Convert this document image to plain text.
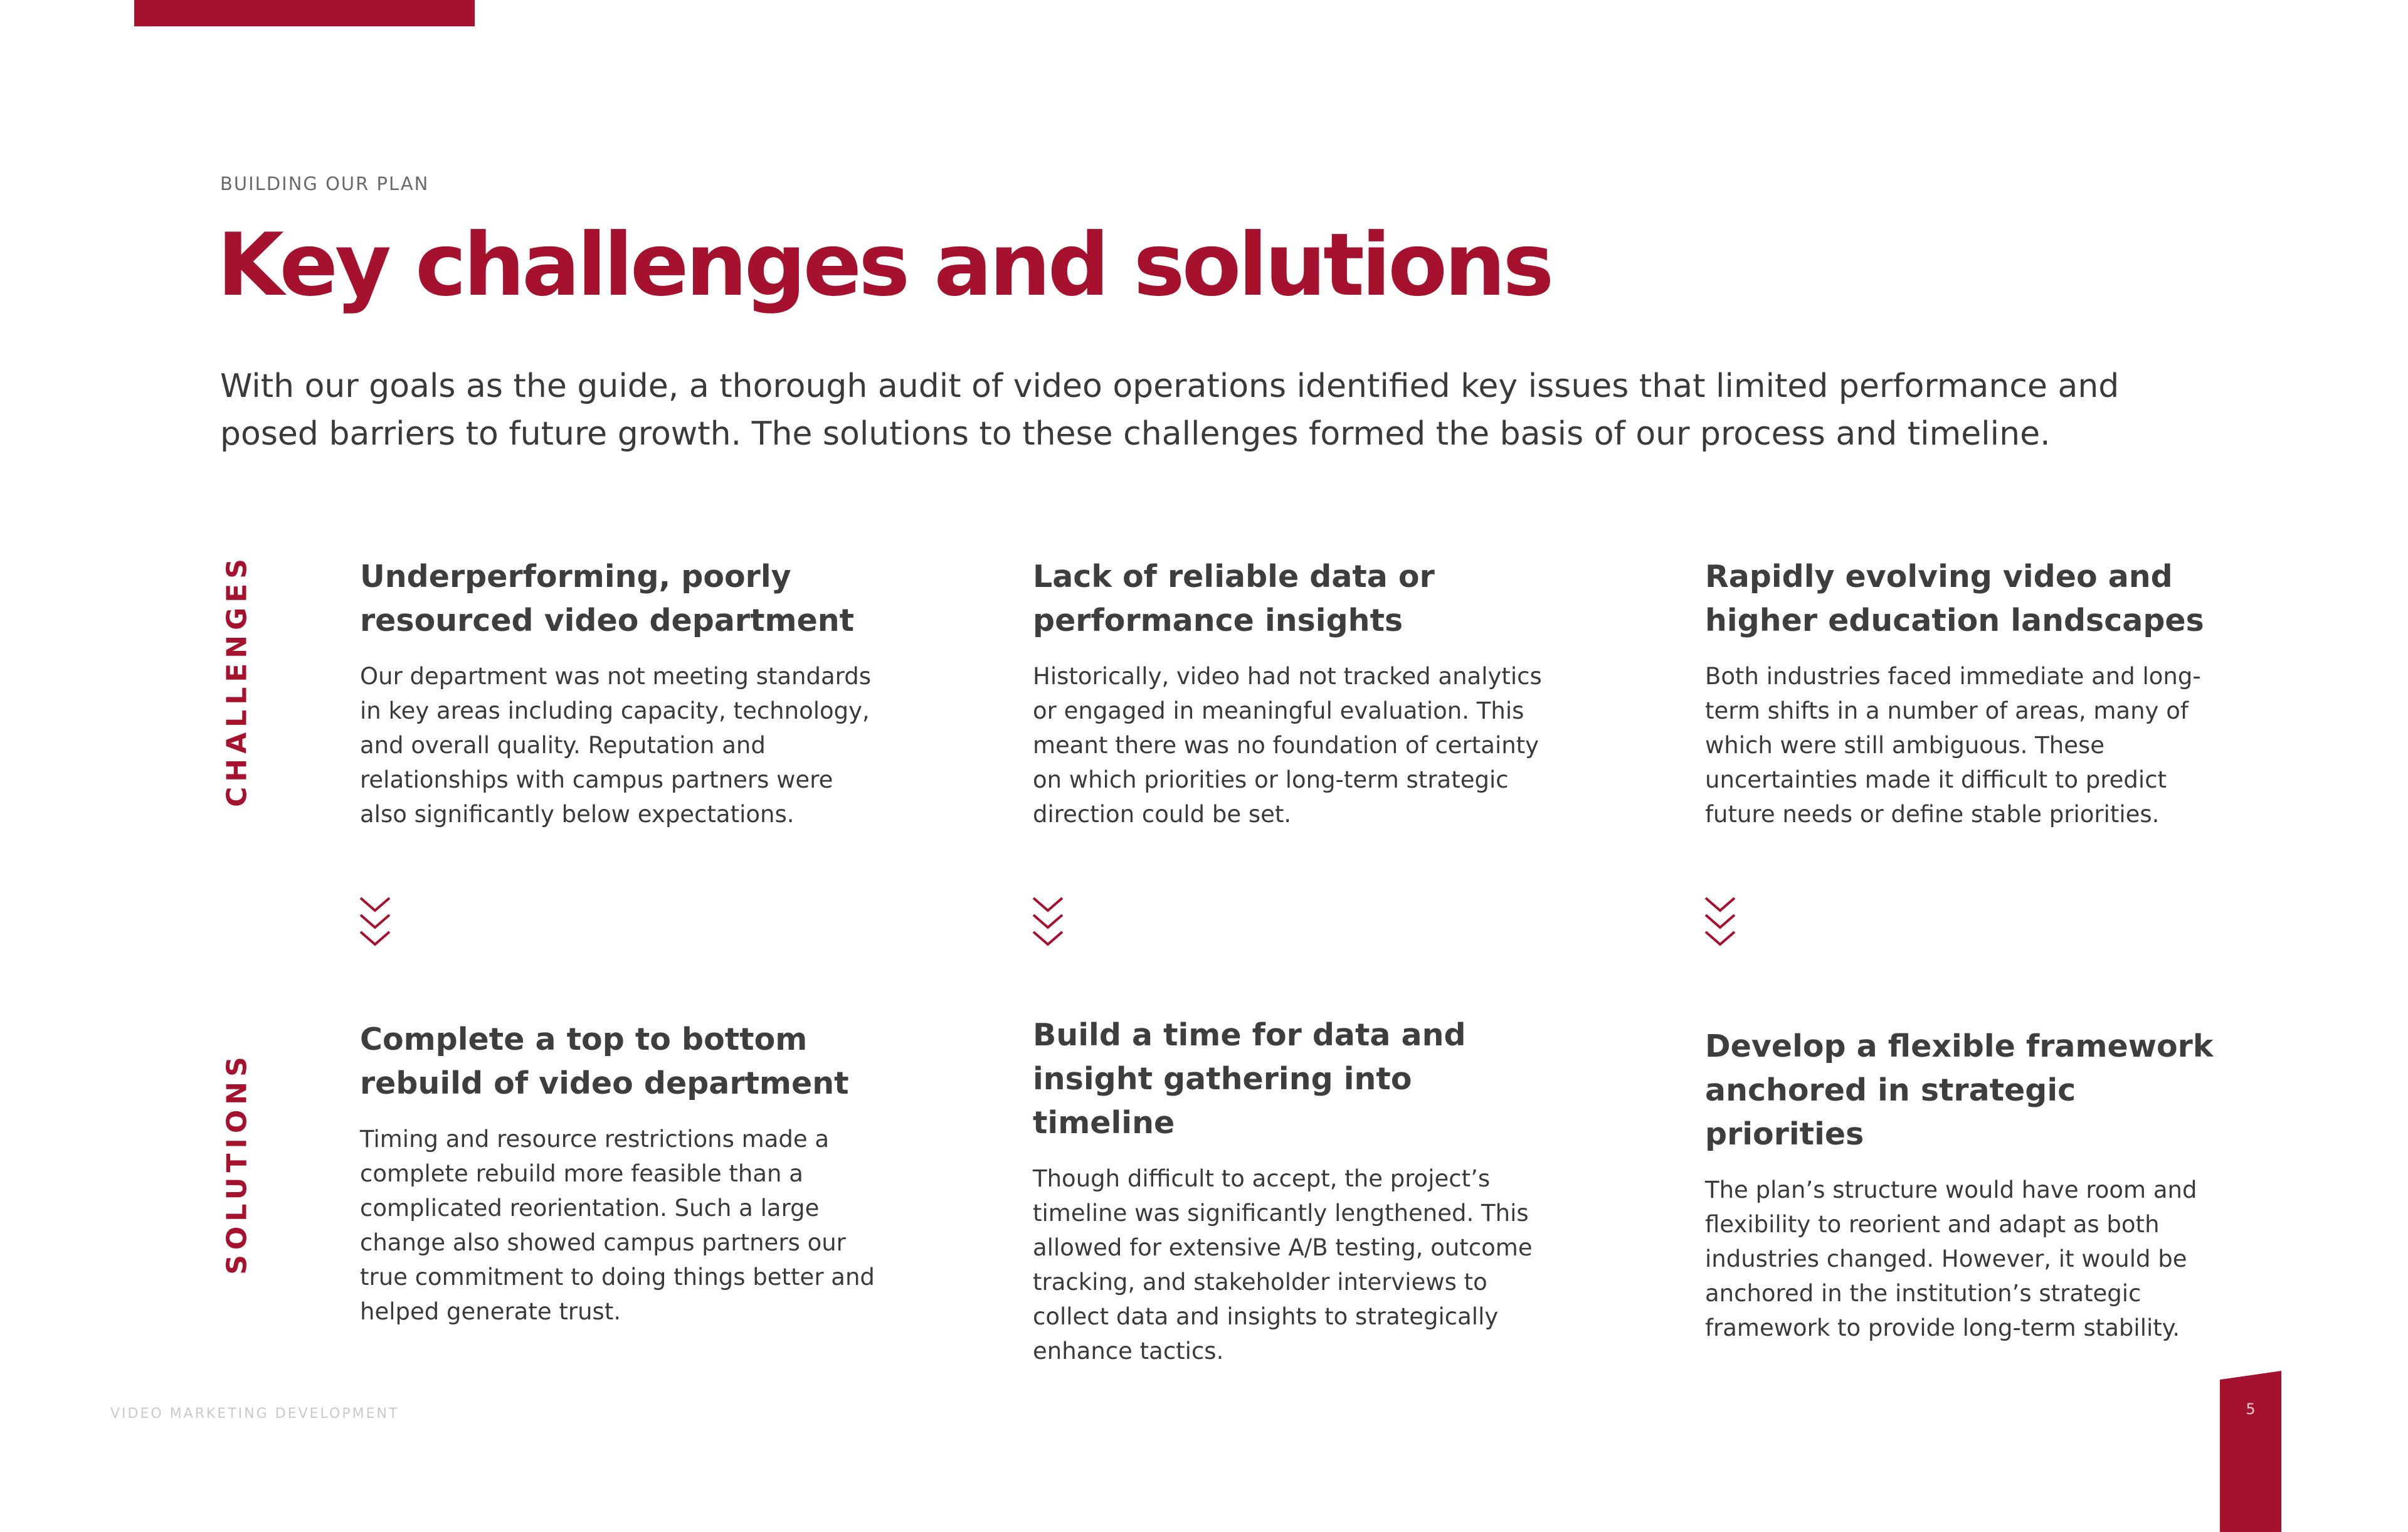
BUILDING OUR PLAN
Key challenges and solutions
With our goals as the guide, a thorough audit of video operations identified key issues that limited performance and posed barriers to future growth. The solutions to these challenges formed the basis of our process and timeline.
CHALLENGES
SOLUTIONS
Underperforming, poorly resourced video department

Our department was not meeting standards in key areas including capacity, technology, and overall quality. Reputation and relationships with campus partners were also significantly below expectations.

Lack of reliable data or performance insights

Historically, video had not tracked analytics or engaged in meaningful evaluation. This meant there was no foundation of certainty on which priorities or long-term strategic direction could be set.

Rapidly evolving video and higher education landscapes

Both industries faced immediate and long-term shifts in a number of areas, many of which were still ambiguous. These uncertainties made it difficult to predict future needs or define stable priorities.

Complete a top to bottom rebuild of video department

Timing and resource restrictions made a complete rebuild more feasible than a complicated reorientation. Such a large change also showed campus partners our true commitment to doing things better and helped generate trust.

Build a time for data and insight gathering into timeline

Though difficult to accept, the project’s timeline was significantly lengthened. This allowed for extensive A/B testing, outcome tracking, and stakeholder interviews to collect data and insights to strategically enhance tactics.

Develop a flexible framework anchored in strategic priorities

The plan’s structure would have room and flexibility to reorient and adapt as both industries changed. However, it would be anchored in the institution’s strategic framework to provide long-term stability.

VIDEO MARKETING DEVELOPMENT	5
